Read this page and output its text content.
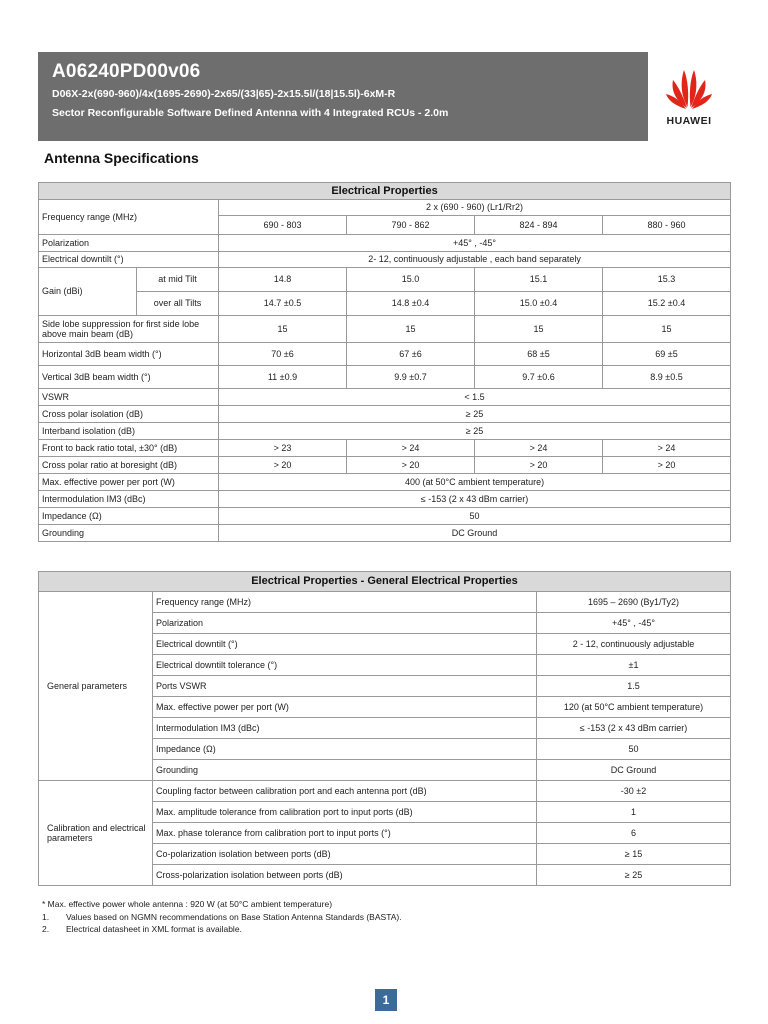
A06240PD00v06
D06X-2x(690-960)/4x(1695-2690)-2x65/(33|65)-2x15.5l/(18|15.5l)-6xM-R
Sector Reconfigurable Software Defined Antenna with 4 Integrated RCUs - 2.0m
HUAWEI
Antenna Specifications
Electrical Properties					
Frequency range (MHz)		2 x (690 - 960) (Lr1/Rr2)			
		690 - 803	790 - 862	824 - 894	880 - 960
Polarization		+45° , -45°			
Electrical downtilt (°)		2- 12, continuously adjustable , each band separately			
Gain (dBi)	at mid Tilt	14.8	15.0	15.1	15.3
	over all Tilts	14.7 ±0.5	14.8 ±0.4	15.0 ±0.4	15.2 ±0.4
Side lobe suppression for first side lobe above main beam (dB)		15	15	15	15
Horizontal 3dB beam width (°)		70 ±6	67 ±6	68 ±5	69 ±5
Vertical 3dB beam width (°)		11 ±0.9	9.9 ±0.7	9.7 ±0.6	8.9 ±0.5
VSWR		< 1.5			
Cross polar isolation (dB)		≥ 25			
Interband isolation (dB)		≥ 25			
Front to back ratio total, ±30° (dB)		> 23	> 24	> 24	> 24
Cross polar ratio at boresight (dB)		> 20	> 20	> 20	> 20
Max. effective power per port (W)		400 (at 50°C ambient temperature)			
Intermodulation IM3 (dBc)		≤ -153 (2 x 43 dBm carrier)			
Impedance (Ω)		50			
Grounding		DC Ground			
Electrical Properties - General Electrical Properties		
General parameters	Frequency range (MHz)	1695 – 2690 (By1/Ty2)
	Polarization	+45° , -45°
	Electrical downtilt (°)	2 - 12, continuously adjustable
	Electrical downtilt tolerance (°)	±1
	Ports VSWR	1.5
	Max. effective power per port (W)	120 (at 50°C ambient temperature)
	Intermodulation IM3 (dBc)	≤ -153 (2 x 43 dBm carrier)
	Impedance (Ω)	50
	Grounding	DC Ground
Calibration and electrical parameters	Coupling factor between calibration port and each antenna port (dB)	-30 ±2
	Max. amplitude tolerance from calibration port to input ports (dB)	1
	Max. phase tolerance from calibration port to input ports (°)	6
	Co-polarization isolation between ports (dB)	≥ 15
	Cross-polarization isolation between ports (dB)	≥ 25
* Max. effective power whole antenna : 920 W (at 50°C ambient temperature)
1. Values based on NGMN recommendations on Base Station Antenna Standards (BASTA).
2. Electrical datasheet in XML format is available.
1
